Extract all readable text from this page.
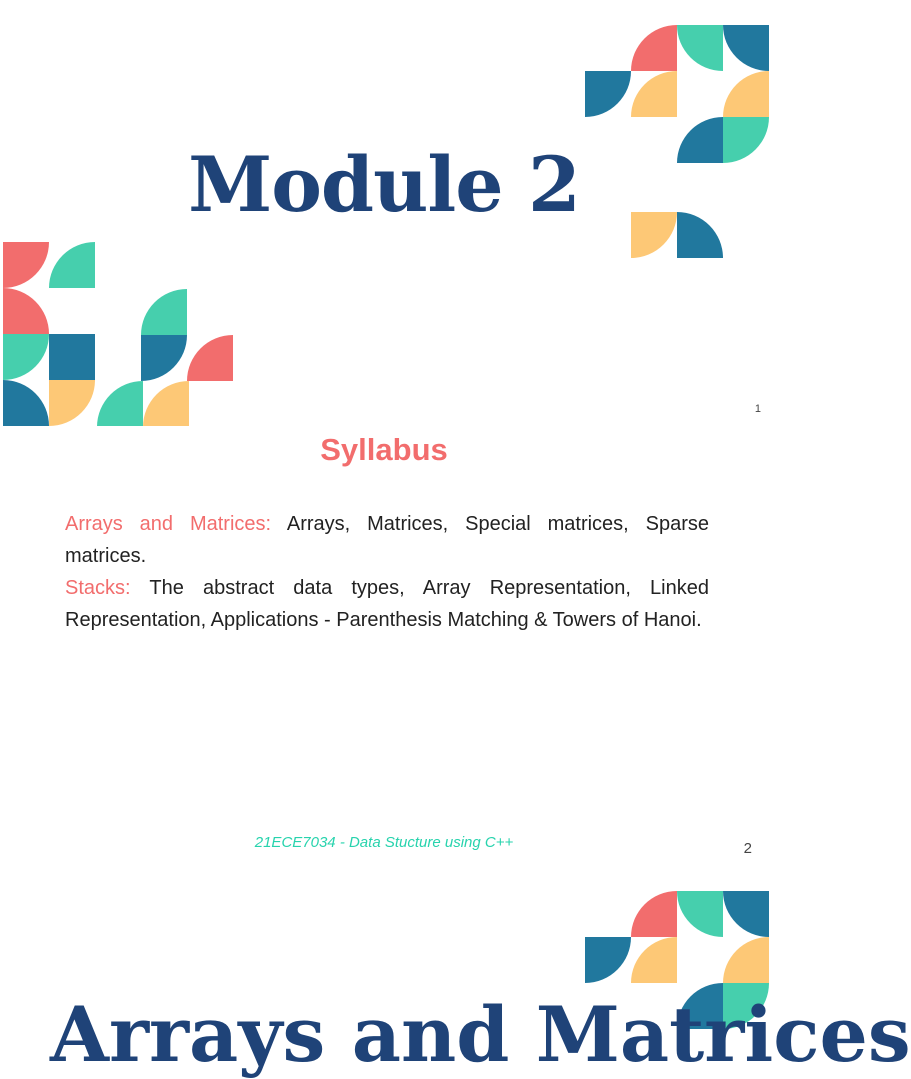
Module 2
1
Syllabus

Arrays and Matrices: Arrays, Matrices, Special matrices, Sparse matrices.
Stacks: The abstract data types, Array Representation, Linked Representation, Applications - Parenthesis Matching & Towers of Hanoi.

21ECE7034 - Data Stucture using C++	2
Arrays and Matrices
